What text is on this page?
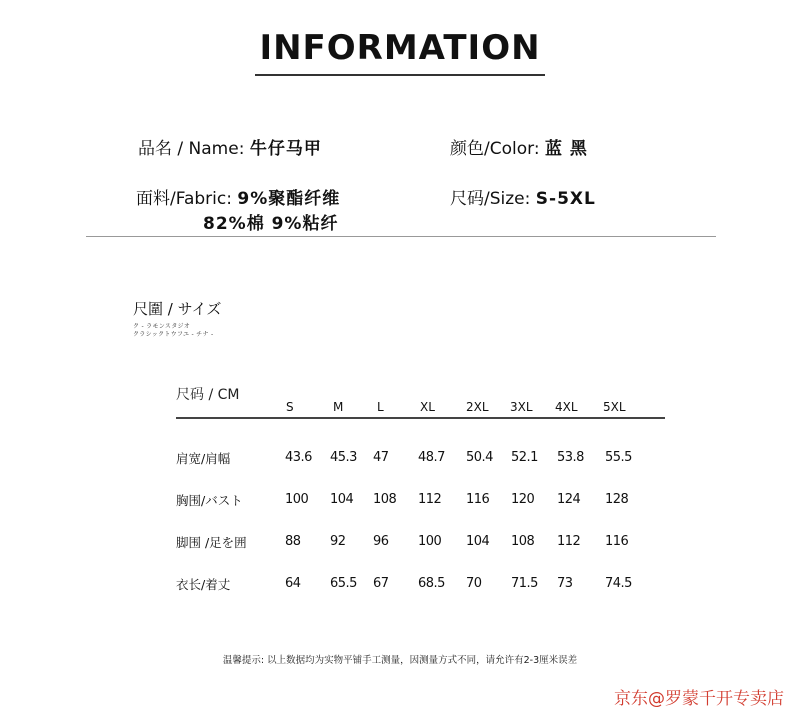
INFORMATION
品名 / Name: 牛仔马甲	颜色/Color: 蓝 黑
面料/Fabric: 9%聚酯纤维
82%棉 9%粘纤
尺码/Size: S-5XL
尺圍 / サイズ
ク - ラモンスタジオ
クラシックトウフユ - チナ -
尺码 / CM
S	M	L	XL	2XL 3XL 4XL 5XL
肩宽/肩幅	43.6 45.3 47 48.7 50.4 52.1 53.8 55.5
胸围/バスト	100 104 108 112 116 120 124 128
脚围 /足を囲	88 92 96 100 104 108 112 116
衣长/着丈	64 65.5 67 68.5 70 71.5 73 74.5
温馨提示: 以上数据均为实物平铺手工测量，因测量方式不同，请允许有2-3厘米误差
京东@罗蒙千开专卖店
